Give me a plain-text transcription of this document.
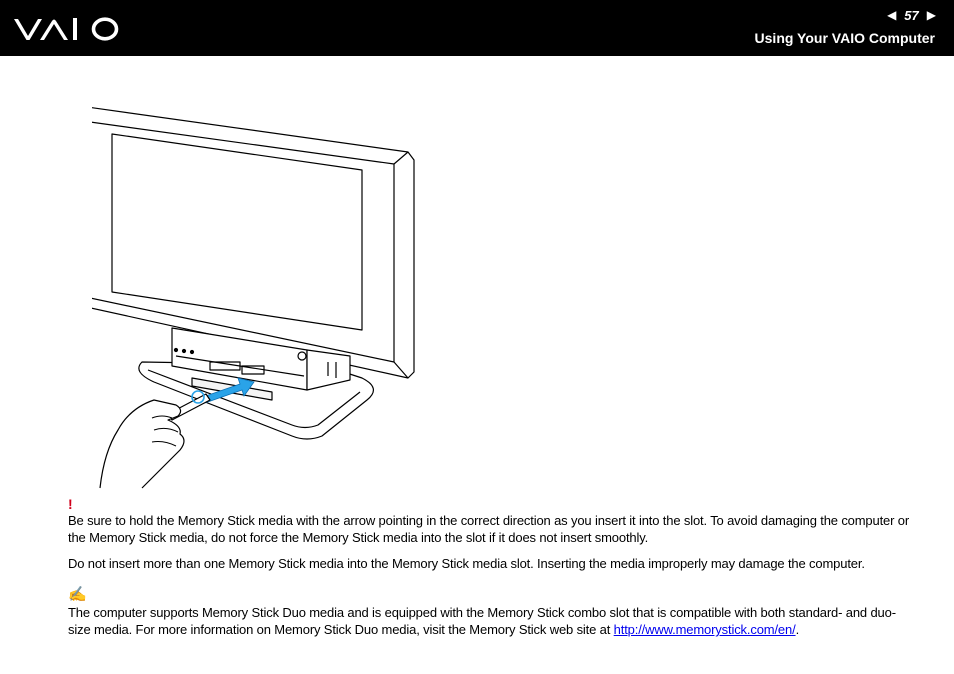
◀ 57 ▶
Using Your VAIO Computer
!

Be sure to hold the Memory Stick media with the arrow pointing in the correct direction as you insert it into the slot. To avoid damaging the computer or the Memory Stick media, do not force the Memory Stick media into the slot if it does not insert smoothly.

Do not insert more than one Memory Stick media into the Memory Stick media slot. Inserting the media improperly may damage the computer.

✍

The computer supports Memory Stick Duo media and is equipped with the Memory Stick combo slot that is compatible with both standard- and duo-size media. For more information on Memory Stick Duo media, visit the Memory Stick web site at http://www.memorystick.com/en/.
